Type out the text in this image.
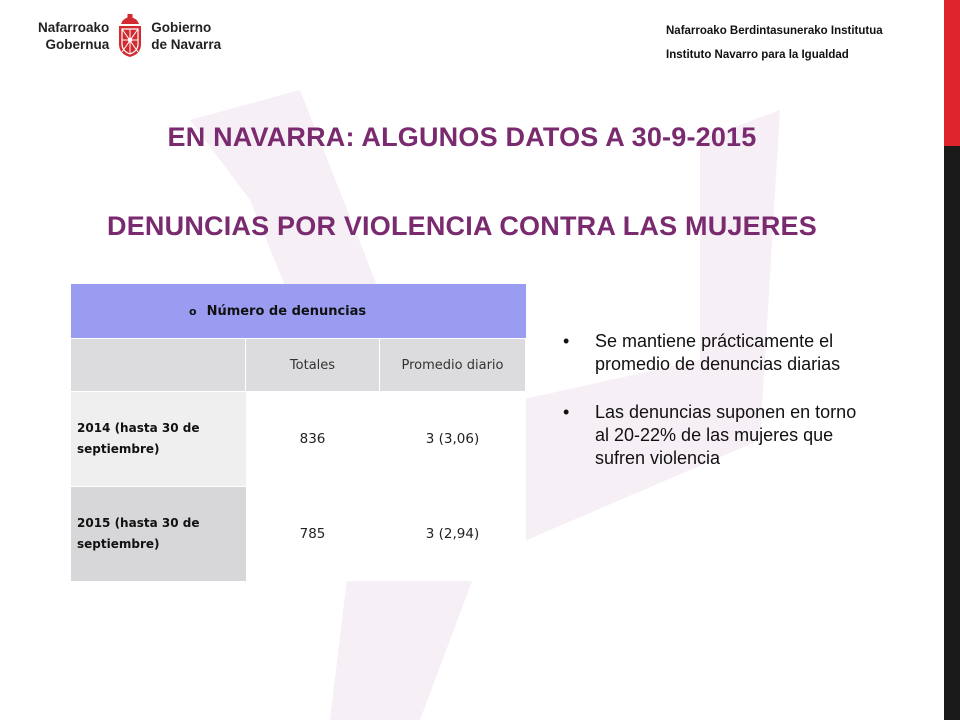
Nafarroako
Gobernua
Gobierno
de Navarra
Nafarroako Berdintasunerako Institutua
Instituto Navarro para la Igualdad
EN NAVARRA: ALGUNOS DATOS A 30-9-2015
DENUNCIAS POR VIOLENCIA CONTRA LAS MUJERES
o Número de denuncias		

	Totales	Promedio diario
2014 (hasta 30 de septiembre)	836	3 (3,06)
2015 (hasta 30 de septiembre)	785	3 (2,94)
• Se mantiene prácticamente el promedio de denuncias diarias
• Las denuncias suponen en torno al 20-22% de las mujeres que sufren violencia
